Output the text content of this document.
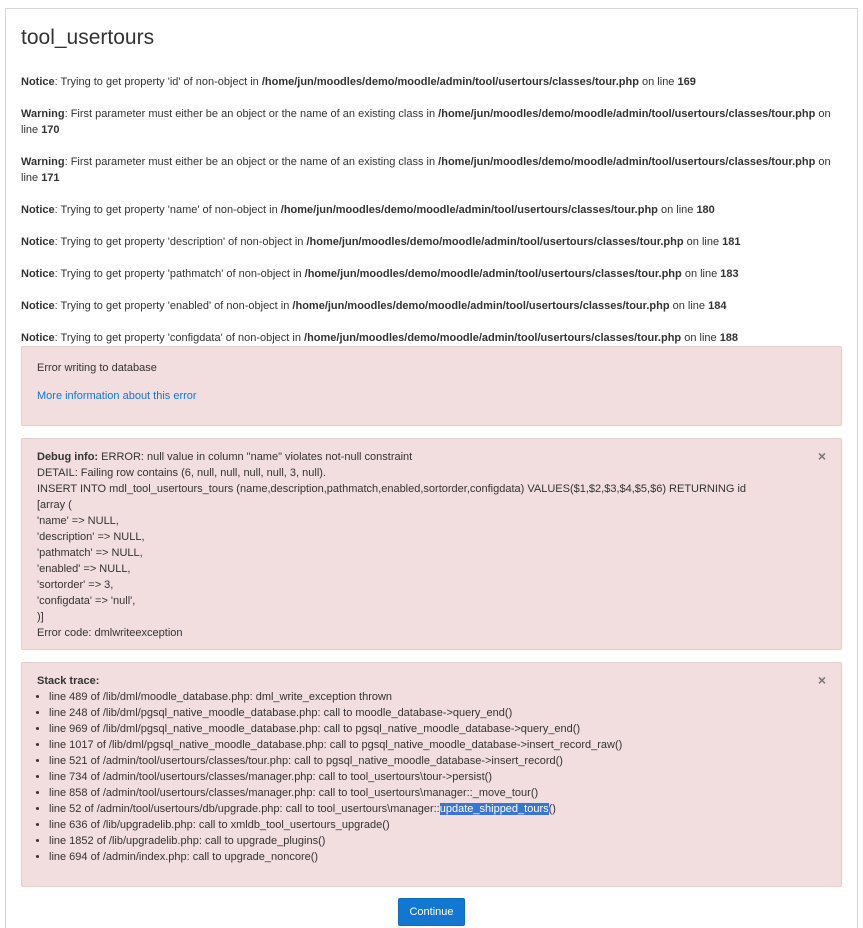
tool_usertours
Notice: Trying to get property 'id' of non-object in /home/jun/moodles/demo/moodle/admin/tool/usertours/classes/tour.php on line 169
Warning: First parameter must either be an object or the name of an existing class in /home/jun/moodles/demo/moodle/admin/tool/usertours/classes/tour.php on line 170
Warning: First parameter must either be an object or the name of an existing class in /home/jun/moodles/demo/moodle/admin/tool/usertours/classes/tour.php on line 171
Notice: Trying to get property 'name' of non-object in /home/jun/moodles/demo/moodle/admin/tool/usertours/classes/tour.php on line 180
Notice: Trying to get property 'description' of non-object in /home/jun/moodles/demo/moodle/admin/tool/usertours/classes/tour.php on line 181
Notice: Trying to get property 'pathmatch' of non-object in /home/jun/moodles/demo/moodle/admin/tool/usertours/classes/tour.php on line 183
Notice: Trying to get property 'enabled' of non-object in /home/jun/moodles/demo/moodle/admin/tool/usertours/classes/tour.php on line 184
Notice: Trying to get property 'configdata' of non-object in /home/jun/moodles/demo/moodle/admin/tool/usertours/classes/tour.php on line 188
Error writing to database
More information about this error
×
Debug info: ERROR: null value in column "name" violates not-null constraint
DETAIL: Failing row contains (6, null, null, null, null, 3, null).
INSERT INTO mdl_tool_usertours_tours (name,description,pathmatch,enabled,sortorder,configdata) VALUES($1,$2,$3,$4,$5,$6) RETURNING id
[array (
'name' => NULL,
'description' => NULL,
'pathmatch' => NULL,
'enabled' => NULL,
'sortorder' => 3,
'configdata' => 'null',
)]
Error code: dmlwriteexception
×
Stack trace:
• line 489 of /lib/dml/moodle_database.php: dml_write_exception thrown
• line 248 of /lib/dml/pgsql_native_moodle_database.php: call to moodle_database->query_end()
• line 969 of /lib/dml/pgsql_native_moodle_database.php: call to pgsql_native_moodle_database->query_end()
• line 1017 of /lib/dml/pgsql_native_moodle_database.php: call to pgsql_native_moodle_database->insert_record_raw()
• line 521 of /admin/tool/usertours/classes/tour.php: call to pgsql_native_moodle_database->insert_record()
• line 734 of /admin/tool/usertours/classes/manager.php: call to tool_usertours\tour->persist()
• line 858 of /admin/tool/usertours/classes/manager.php: call to tool_usertours\manager::_move_tour()
• line 52 of /admin/tool/usertours/db/upgrade.php: call to tool_usertours\manager::update_shipped_tours()
• line 636 of /lib/upgradelib.php: call to xmldb_tool_usertours_upgrade()
• line 1852 of /lib/upgradelib.php: call to upgrade_plugins()
• line 694 of /admin/index.php: call to upgrade_noncore()
Continue
